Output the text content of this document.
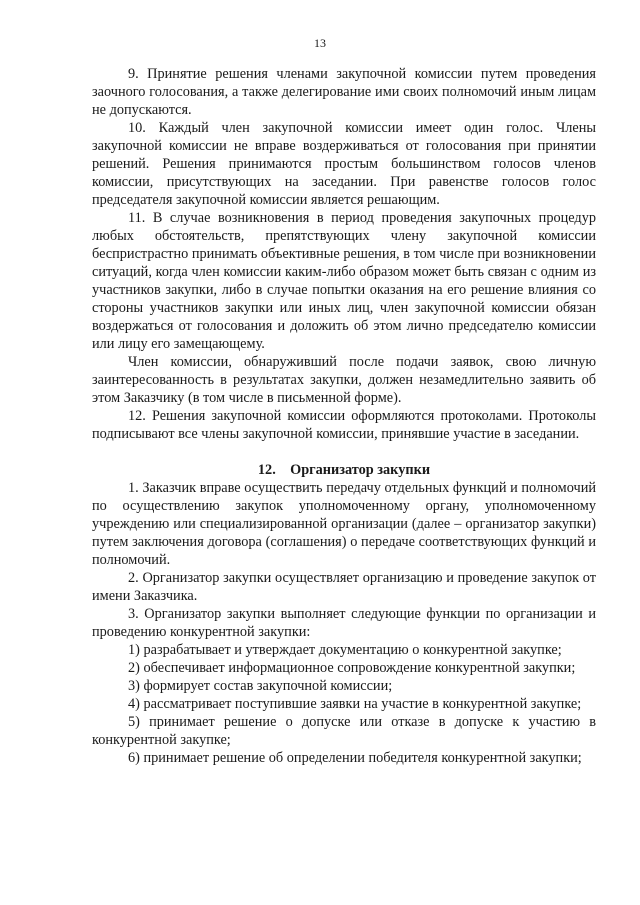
13

9. Принятие решения членами закупочной комиссии путем проведения заочного голосования, а также делегирование ими своих полномочий иным лицам не допускаются.

10. Каждый член закупочной комиссии имеет один голос. Члены закупочной комиссии не вправе воздерживаться от голосования при принятии решений. Решения принимаются простым большинством голосов членов комиссии, присутствующих на заседании. При равенстве голосов голос председателя закупочной комиссии является решающим.

11. В случае возникновения в период проведения закупочных процедур любых обстоятельств, препятствующих члену закупочной комиссии беспристрастно принимать объективные решения, в том числе при возникновении ситуаций, когда член комиссии каким-либо образом может быть связан с одним из участников закупки, либо в случае попытки оказания на его решение влияния со стороны участников закупки или иных лиц, член закупочной комиссии обязан воздержаться от голосования и доложить об этом лично председателю комиссии или лицу его замещающему.

Член комиссии, обнаруживший после подачи заявок, свою личную заинтересованность в результатах закупки, должен незамедлительно заявить об этом Заказчику (в том числе в письменной форме).

12. Решения закупочной комиссии оформляются протоколами. Протоколы подписывают все члены закупочной комиссии, принявшие участие в заседании.

12.    Организатор закупки

1. Заказчик вправе осуществить передачу отдельных функций и полномочий по осуществлению закупок уполномоченному органу, уполномоченному учреждению или специализированной организации (далее – организатор закупки) путем заключения договора (соглашения) о передаче соответствующих функций и полномочий.

2. Организатор закупки осуществляет организацию и проведение закупок от имени Заказчика.

3. Организатор закупки выполняет следующие функции по организации и проведению конкурентной закупки:

1) разрабатывает и утверждает документацию о конкурентной закупке;

2) обеспечивает информационное сопровождение конкурентной закупки;

3) формирует состав закупочной комиссии;

4) рассматривает поступившие заявки на участие в конкурентной закупке;

5) принимает решение о допуске или отказе в допуске к участию в конкурентной закупке;

6) принимает решение об определении победителя конкурентной закупки;
